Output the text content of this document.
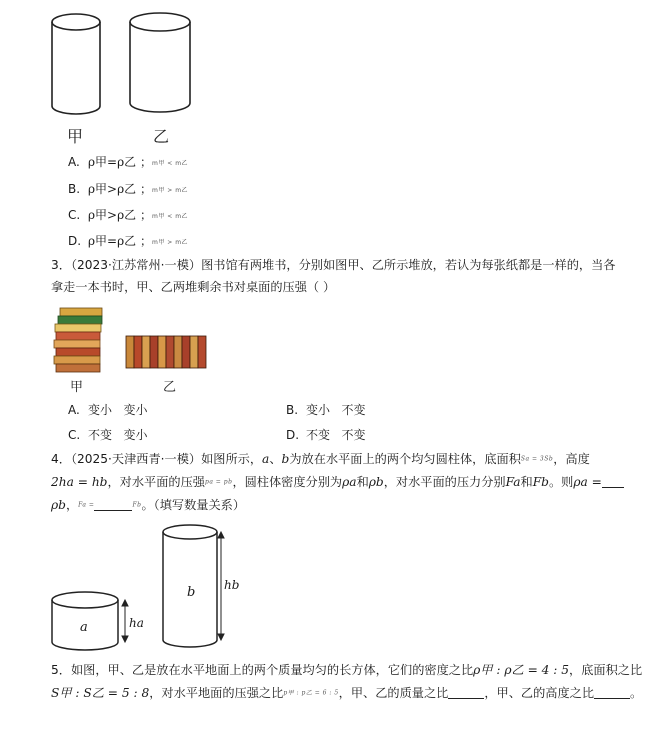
甲	乙
A. ρ甲=ρ乙 ；m甲 < m乙
B. ρ甲>ρ乙 ；m甲 > m乙
C. ρ甲>ρ乙 ；m甲 < m乙
D. ρ甲=ρ乙 ；m甲 > m乙
3．（2023·江苏常州·一模）图书馆有两堆书，分别如图甲、乙所示堆放，若认为每张纸都是一样的，当各
拿走一本书时，甲、乙两堆剩余书对桌面的压强（ ）
甲	乙
A. 变小   变小	B. 变小   不变
C. 不变   变小	D. 不变   不变
4．（2025·天津西青·一模）如图所示，a、b为放在水平面上的两个均匀圆柱体，底面积Sa = 3Sb，高度
2ha = hb，对水平面的压强pa = pb，圆柱体密度分别为ρa和ρb，对水平面的压力分别Fa和Fb。则ρa =
ρb，Fa =	Fb。（填写数量关系）
a
b
ha
hb
5．如图，甲、乙是放在水平地面上的两个质量均匀的长方体，它们的密度之比ρ甲 : ρ乙 = 4 : 5，底面积之比
S甲 : S乙 = 5 : 8，对水平地面的压强之比p甲 : p乙 = 6 : 5，甲、乙的质量之比	，甲、乙的高度之比	。
